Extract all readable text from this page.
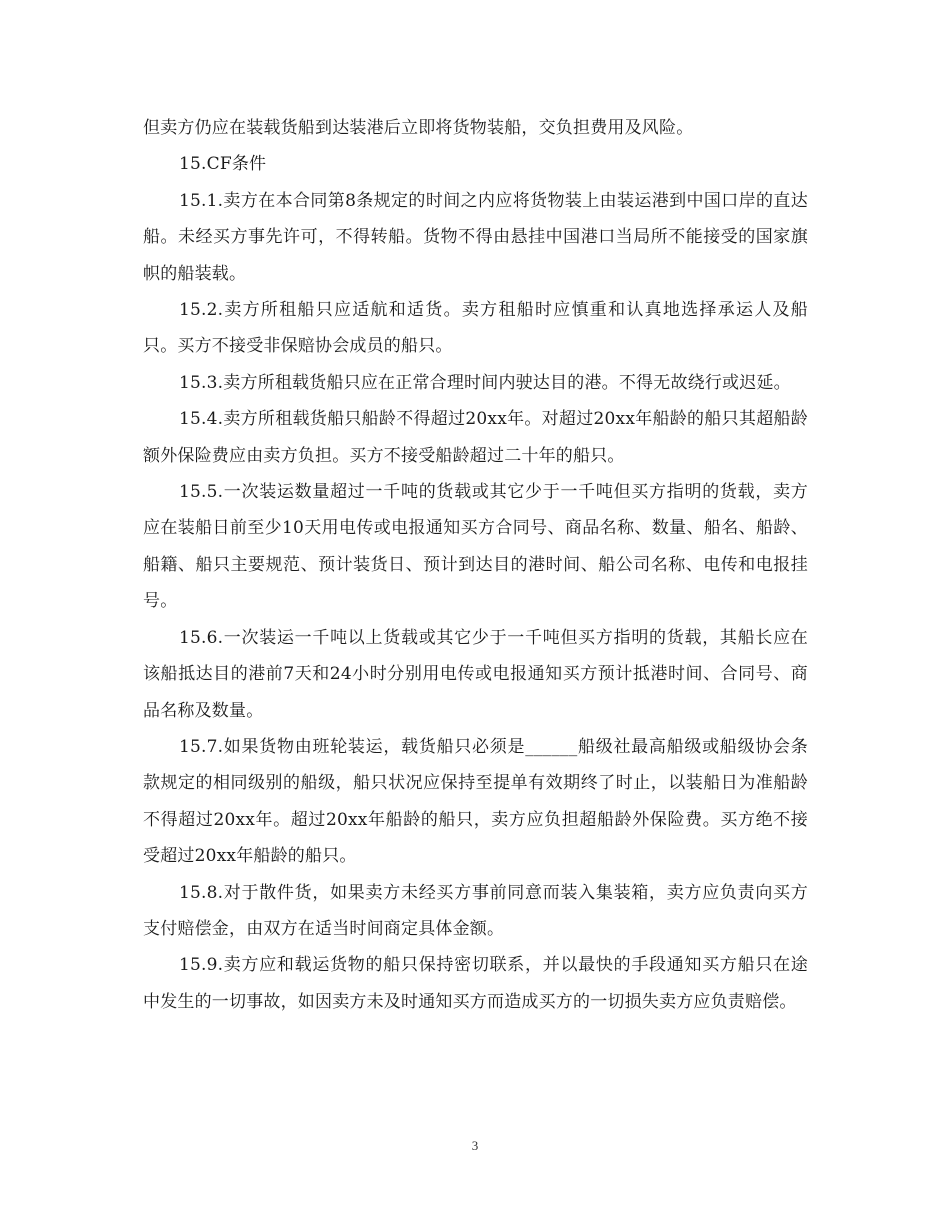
但卖方仍应在装载货船到达装港后立即将货物装船，交负担费用及风险。

15.CF条件

15.1.卖方在本合同第8条规定的时间之内应将货物装上由装运港到中国口岸的直达船。未经买方事先许可，不得转船。货物不得由悬挂中国港口当局所不能接受的国家旗帜的船装载。

15.2.卖方所租船只应适航和适货。卖方租船时应慎重和认真地选择承运人及船只。买方不接受非保赔协会成员的船只。

15.3.卖方所租载货船只应在正常合理时间内驶达目的港。不得无故绕行或迟延。

15.4.卖方所租载货船只船龄不得超过20xx年。对超过20xx年船龄的船只其超船龄额外保险费应由卖方负担。买方不接受船龄超过二十年的船只。

15.5.一次装运数量超过一千吨的货载或其它少于一千吨但买方指明的货载，卖方应在装船日前至少10天用电传或电报通知买方合同号、商品名称、数量、船名、船龄、船籍、船只主要规范、预计装货日、预计到达目的港时间、船公司名称、电传和电报挂号。

15.6.一次装运一千吨以上货载或其它少于一千吨但买方指明的货载，其船长应在该船抵达目的港前7天和24小时分别用电传或电报通知买方预计抵港时间、合同号、商品名称及数量。

15.7.如果货物由班轮装运，载货船只必须是______船级社最高船级或船级协会条款规定的相同级别的船级，船只状况应保持至提单有效期终了时止，以装船日为准船龄不得超过20xx年。超过20xx年船龄的船只，卖方应负担超船龄外保险费。买方绝不接受超过20xx年船龄的船只。

15.8.对于散件货，如果卖方未经买方事前同意而装入集装箱，卖方应负责向买方支付赔偿金，由双方在适当时间商定具体金额。

15.9.卖方应和载运货物的船只保持密切联系，并以最快的手段通知买方船只在途中发生的一切事故，如因卖方未及时通知买方而造成买方的一切损失卖方应负责赔偿。

3
